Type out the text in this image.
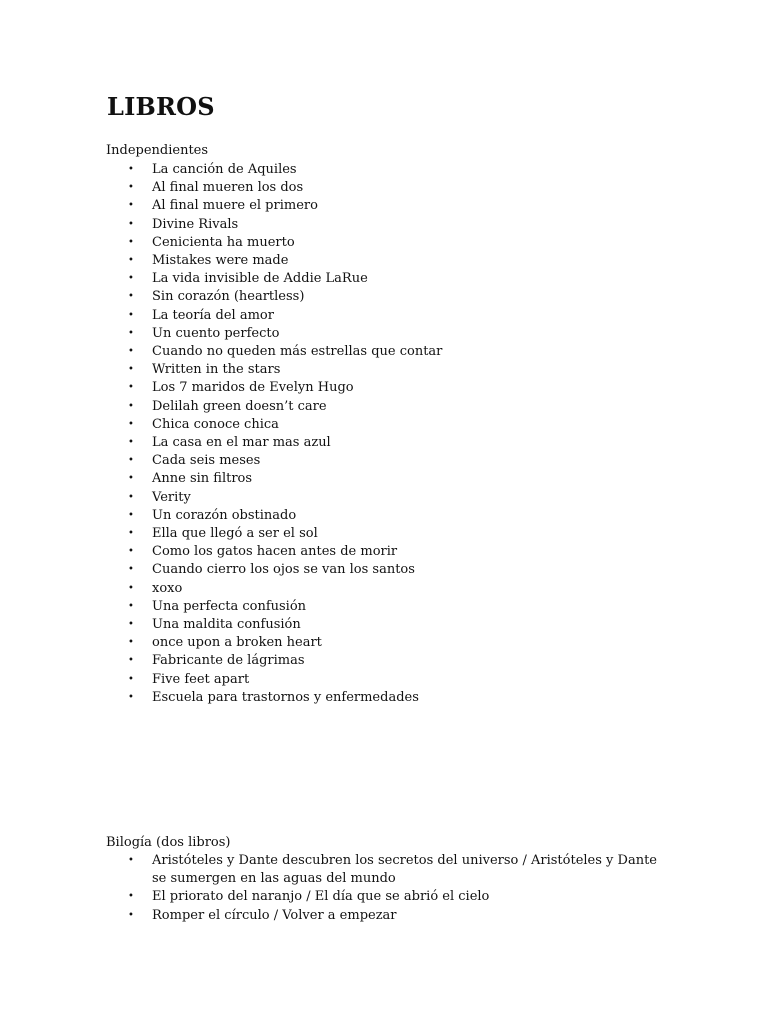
LIBROS

Independientes

• La canción de Aquiles
• Al final mueren los dos
• Al final muere el primero
• Divine Rivals
• Cenicienta ha muerto
• Mistakes were made
• La vida invisible de Addie LaRue
• Sin corazón (heartless)
• La teoría del amor
• Un cuento perfecto
• Cuando no queden más estrellas que contar
• Written in the stars
• Los 7 maridos de Evelyn Hugo
• Delilah green doesn’t care
• Chica conoce chica
• La casa en el mar mas azul
• Cada seis meses
• Anne sin filtros
• Verity
• Un corazón obstinado
• Ella que llegó a ser el sol
• Como los gatos hacen antes de morir
• Cuando cierro los ojos se van los santos
• xoxo
• Una perfecta confusión
• Una maldita confusión
• once upon a broken heart
• Fabricante de lágrimas
• Five feet apart
• Escuela para trastornos y enfermedades

Bilogía (dos libros)

• Aristóteles y Dante descubren los secretos del universo / Aristóteles y Dante se sumergen en las aguas del mundo
• El priorato del naranjo / El día que se abrió el cielo
• Romper el círculo / Volver a empezar
